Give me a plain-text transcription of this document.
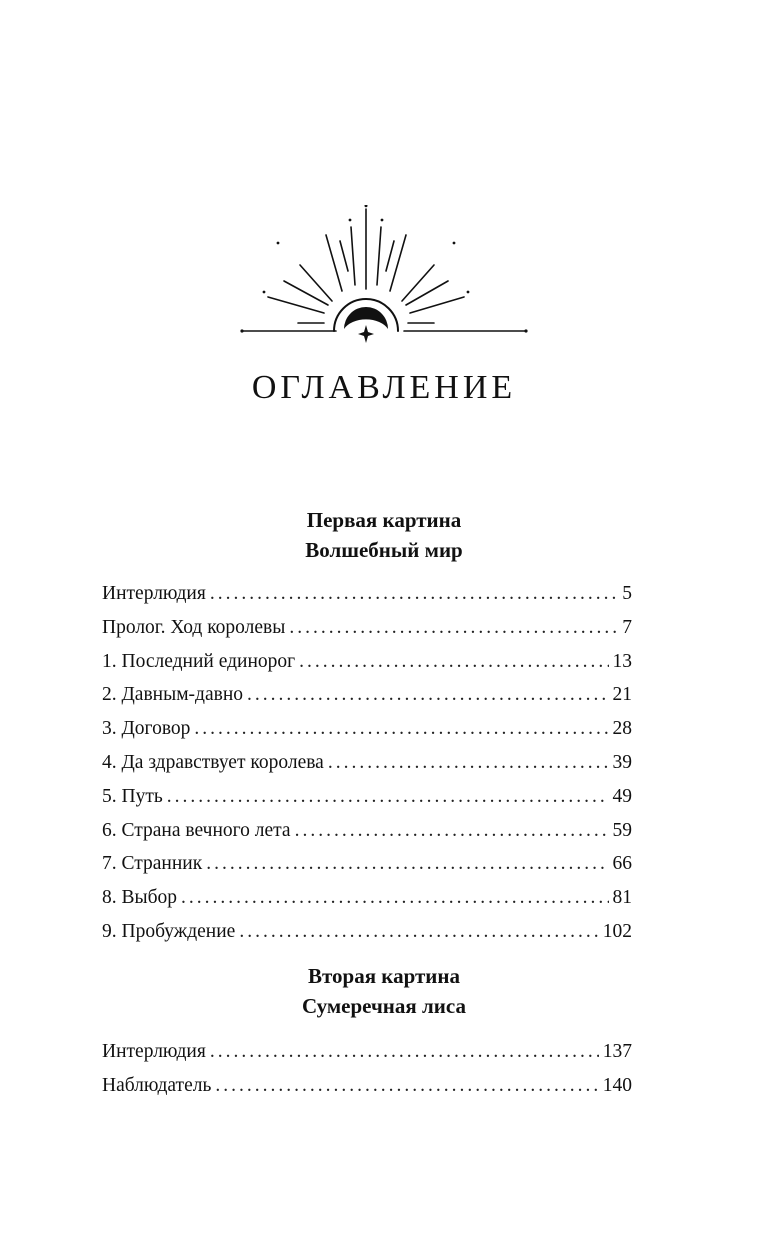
ОГЛАВЛЕНИЕ
Первая картина
Волшебный мир
Интерлюдия .....	5
Пролог. Ход королевы .....	7
1. Последний единорог .....	13
2. Давным-давно .....	21
3. Договор .....	28
4. Да здравствует королева .....	39
5. Путь .....	49
6. Страна вечного лета .....	59
7. Странник .....	66
8. Выбор .....	81
9. Пробуждение .....	102
Вторая картина
Сумеречная лиса
Интерлюдия .....	137
Наблюдатель .....	140
